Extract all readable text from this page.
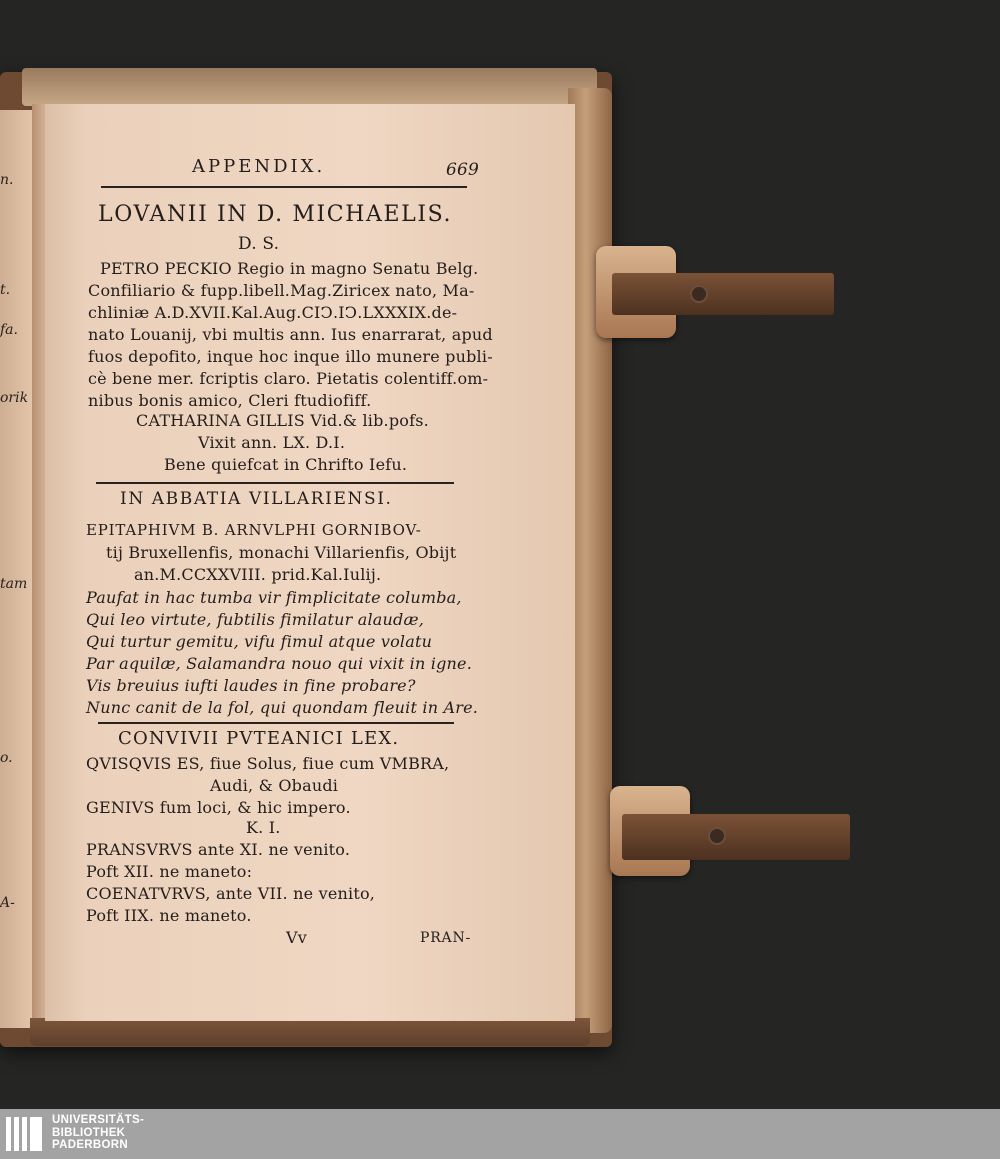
n.
t.
fa.
orik
tam
o.
A-
APPENDIX.	669
LOVANII IN D. MICHAELIS.
D. S.
PETRO PECKIO Regio in magno Senatu Belg.
Confiliario & fupp.libell.Mag.Ziricex nato, Ma-
chliniæ A.D.XVII.Kal.Aug.CIↃ.IↃ.LXXXIX.de-
nato Louanij, vbi multis ann. Ius enarrarat, apud
fuos depofito, inque hoc inque illo munere publi-
cè bene mer. fcriptis claro. Pietatis colentiff.om-
nibus bonis amico, Cleri ftudiofiff.
CATHARINA GILLIS Vid.& lib.pofs.
Vixit ann. LX. D.I.
Bene quiefcat in Chrifto Iefu.
IN ABBATIA VILLARIENSI.
EPITAPHIVM B. ARNVLPHI GORNIBOV-
tij Bruxellenfis, monachi Villarienfis, Obijt
an.M.CCXXVIII. prid.Kal.Iulij.
Paufat in hac tumba vir fimplicitate columba,
Qui leo virtute, fubtilis fimilatur alaudæ,
Qui turtur gemitu, vifu fimul atque volatu
Par aquilæ, Salamandra nouo qui vixit in igne.
Vis breuius iufti laudes in fine probare?
Nunc canit de la fol, qui quondam fleuit in Are.
CONVIVII PVTEANICI LEX.
QVISQVIS ES, fiue Solus, fiue cum VMBRA,
Audi, & Obaudi
GENIVS fum loci, & hic impero.
K. I.
PRANSVRVS ante XI. ne venito.
Poft XII. ne maneto:
COENATVRVS, ante VII. ne venito,
Poft IIX. ne maneto.
Vv	PRAN-
UNIVERSITÄTS-
BIBLIOTHEK
PADERBORN
